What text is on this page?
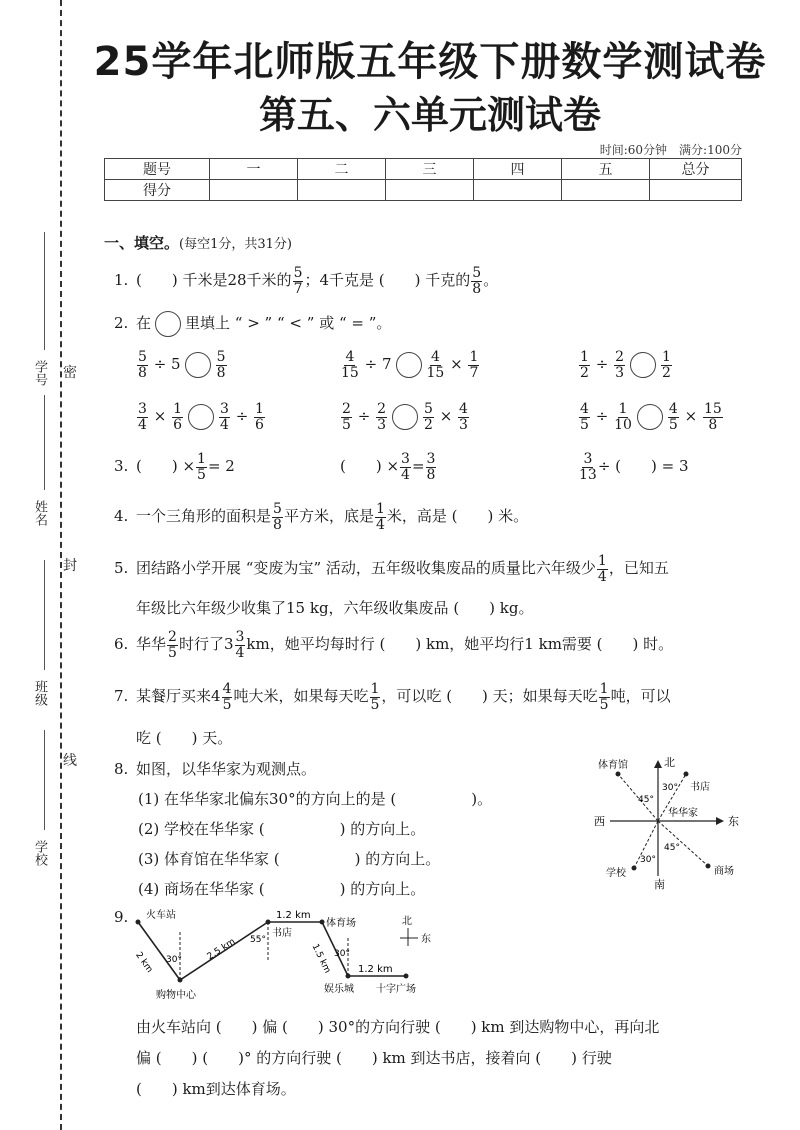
学号
姓名
班级
学校
密
封
线
25学年北师版五年级下册数学测试卷
第五、六单元测试卷
时间:60分钟　满分:100分
题号	一	二	三	四	五	总分
得分						
一、填空。(每空1分，共31分)
1. (　　) 千米是28千米的 $\frac{5}{7}$ ；4千克是 (　　) 千克的 $\frac{5}{8}$ 。
2. 在 里填上 “ > ” “ < ” 或 “ = ”。
$\frac{5}{8} \div 5$	$\frac{5}{8}$	$\frac{4}{15} \div 7$	$\frac{4}{15} \times \frac{1}{7}$	$\frac{1}{2} \div \frac{2}{3}$	$\frac{1}{2}$
$\frac{3}{4} \times \frac{1}{6}$	$\frac{3}{4} \div \frac{1}{6}$	$\frac{2}{5} \div \frac{2}{3}$	$\frac{5}{2} \times \frac{4}{3}$	$\frac{4}{5} \div \frac{1}{10}$	$\frac{4}{5} \times \frac{15}{8}$
3. (　　) × $\frac{1}{5} = 2$	(　　) × $\frac{3}{4} = \frac{3}{8}$	$\frac{3}{13}$ ÷ (　　) = 3
4. 一个三角形的面积是 $\frac{5}{8}$ 平方米，底是 $\frac{1}{4}$ 米，高是 (　　) 米。
5. 团结路小学开展 “变废为宝” 活动，五年级收集废品的质量比六年级少 $\frac{1}{4}$ ，已知五
年级比六年级少收集了15 kg，六年级收集废品 (　　) kg。
6. 华华 $\frac{2}{5}$ 时行了$3 \frac{3}{4}$ km，她平均每时行 (　　) km，她平均行1 km需要 (　　) 时。
7. 某餐厅买来$4 \frac{4}{5}$ 吨大米，如果每天吃 $\frac{1}{5}$ ，可以吃 (　　) 天；如果每天吃 $\frac{1}{5}$ 吨，可以
吃 (　　) 天。
8. 如图，以华华家为观测点。
(1) 在华华家北偏东30°的方向上的是 (　　　　　)。
(2) 学校在华华家 (　　　　　) 的方向上。
(3) 体育馆在华华家 (　　　　　) 的方向上。
(4) 商场在华华家 (　　　　　) 的方向上。
北
南
东
西
华华家
体育馆
书店
学校	商场
30°
45°
45°
30°
9. 火车站
购物中心
书店
体育场
娱乐城 十字广场
2 km
2.5 km
1.2 km
1.5 km	1.2 km
30°
55°
30°
北
东
由火车站向 (　　) 偏 (　　) 30°的方向行驶 (　　) km 到达购物中心，再向北
偏 (　　) (　　)° 的方向行驶 (　　) km 到达书店，接着向 (　　) 行驶
(　　) km到达体育场。
